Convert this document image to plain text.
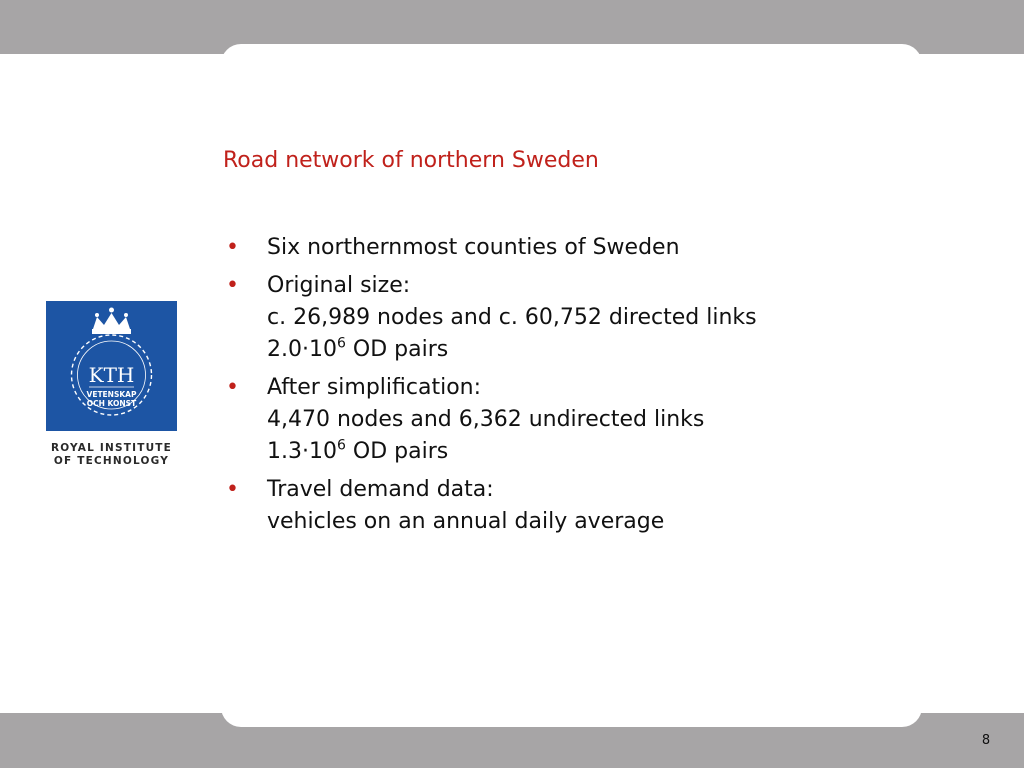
Road network of northern Sweden
• Six northernmost counties of Sweden
• Original size:
c. 26,989 nodes and c. 60,752 directed links
$2.0\cdot 10^6$ OD pairs
• After simplification:
4,470 nodes and 6,362 undirected links
$1.3\cdot 10^6$ OD pairs
• Travel demand data:
vehicles on an annual daily average
KTH
VETENSKAP
OCH KONST
ROYAL INSTITUTE
OF TECHNOLOGY
8
